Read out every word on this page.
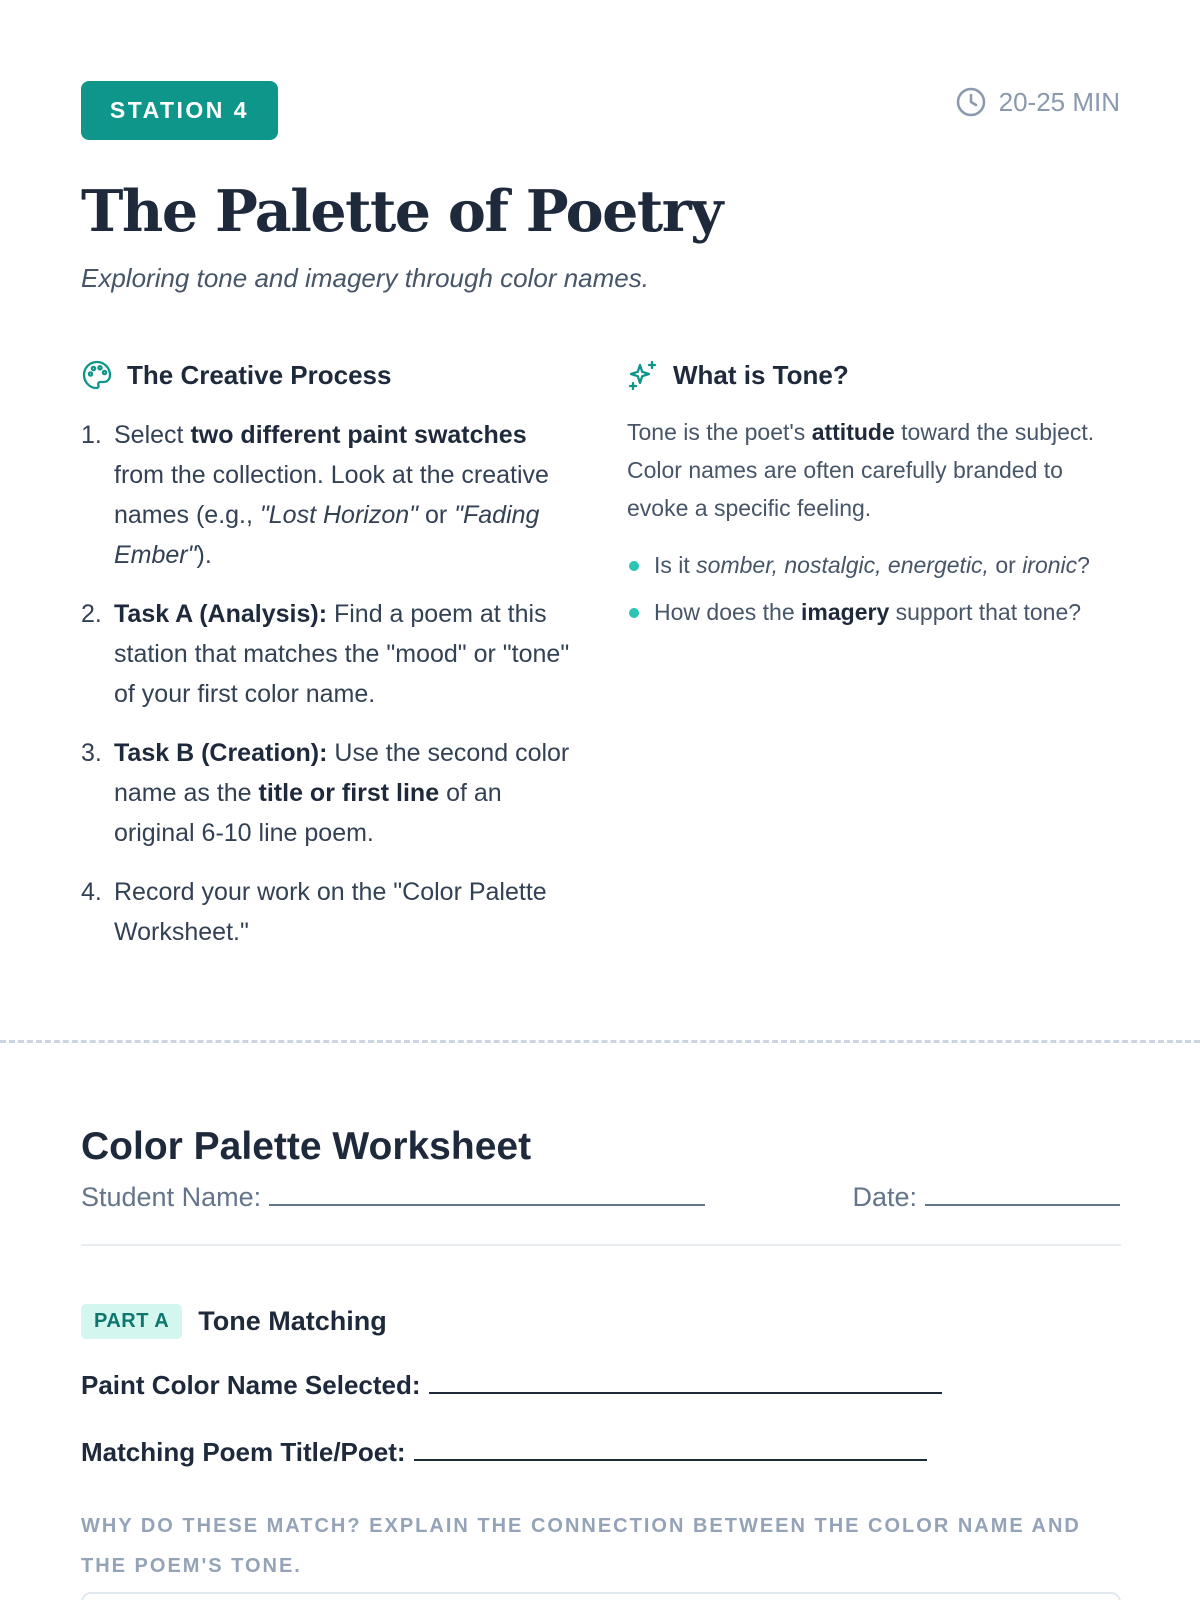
STATION 4	20-25 MIN
The Palette of Poetry
Exploring tone and imagery through color names.
The Creative Process
1. Select two different paint swatches from the collection. Look at the creative names (e.g., "Lost Horizon" or "Fading Ember").
2. Task A (Analysis): Find a poem at this station that matches the "mood" or "tone" of your first color name.
3. Task B (Creation): Use the second color name as the title or first line of an original 6-10 line poem.
4. Record your work on the "Color Palette Worksheet."
What is Tone?

Tone is the poet's attitude toward the subject. Color names are often carefully branded to evoke a specific feeling.

Is it somber, nostalgic, energetic, or ironic?
How does the imagery support that tone?
Color Palette Worksheet
Student Name:	Date:
PART A	Tone Matching
Paint Color Name Selected:
Matching Poem Title/Poet:
WHY DO THESE MATCH? EXPLAIN THE CONNECTION BETWEEN THE COLOR NAME AND THE POEM'S TONE.
